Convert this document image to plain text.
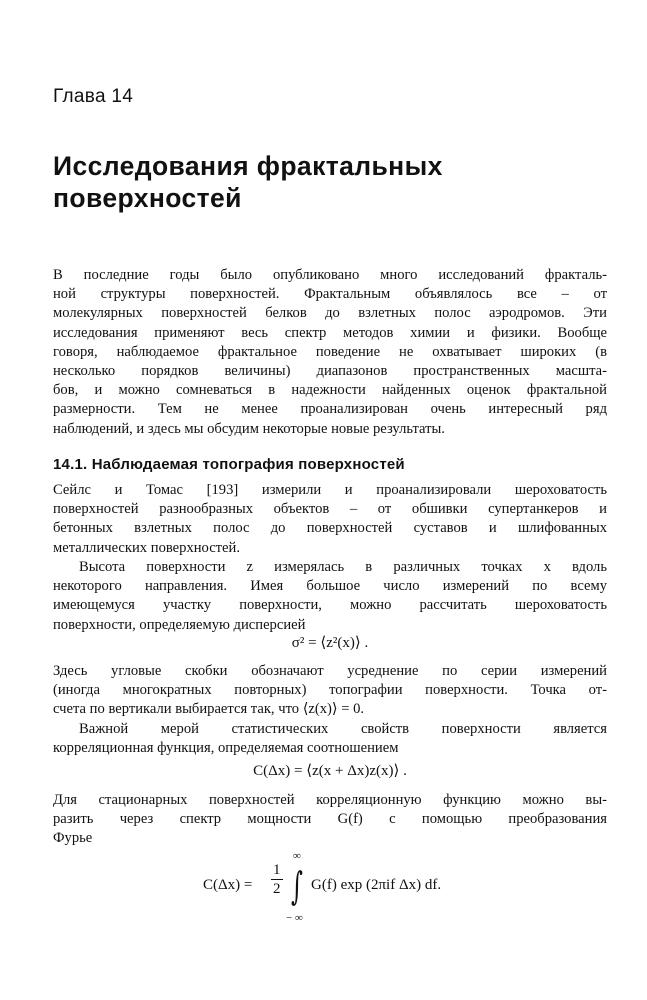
Глава 14
Исследования фрактальных
поверхностей
В последние годы было опубликовано много исследований фракталь-
ной структуры поверхностей. Фрактальным объявлялось все – от
молекулярных поверхностей белков до взлетных полос аэродромов. Эти
исследования применяют весь спектр методов химии и физики. Вообще
говоря, наблюдаемое фрактальное поведение не охватывает широких (в
несколько порядков величины) диапазонов пространственных масшта-
бов, и можно сомневаться в надежности найденных оценок фрактальной
размерности. Тем не менее проанализирован очень интересный ряд
наблюдений, и здесь мы обсудим некоторые новые результаты.
14.1. Наблюдаемая топография поверхностей
Сейлс и Томас [193] измерили и проанализировали шероховатость
поверхностей разнообразных объектов – от обшивки супертанкеров и
бетонных взлетных полос до поверхностей суставов и шлифованных
металлических поверхностей.
Высота поверхности z измерялась в различных точках x вдоль
некоторого направления. Имея большое число измерений по всему
имеющемуся участку поверхности, можно рассчитать шероховатость
поверхности, определяемую дисперсией
σ² = ⟨z²(x)⟩ .
Здесь угловые скобки обозначают усреднение по серии измерений
(иногда многократных повторных) топографии поверхности. Точка от-
счета по вертикали выбирается так, что ⟨z(x)⟩ = 0.
Важной мерой статистических свойств поверхности является
корреляционная функция, определяемая соотношением
C(Δx) = ⟨z(x + Δx)z(x)⟩ .
Для стационарных поверхностей корреляционную функцию можно вы-
разить через спектр мощности G(f) с помощью преобразования
Фурье
$C(\Delta x) = \frac{1}{2}$
∞
∫
− ∞
G(f) exp (2πif Δx) df.
